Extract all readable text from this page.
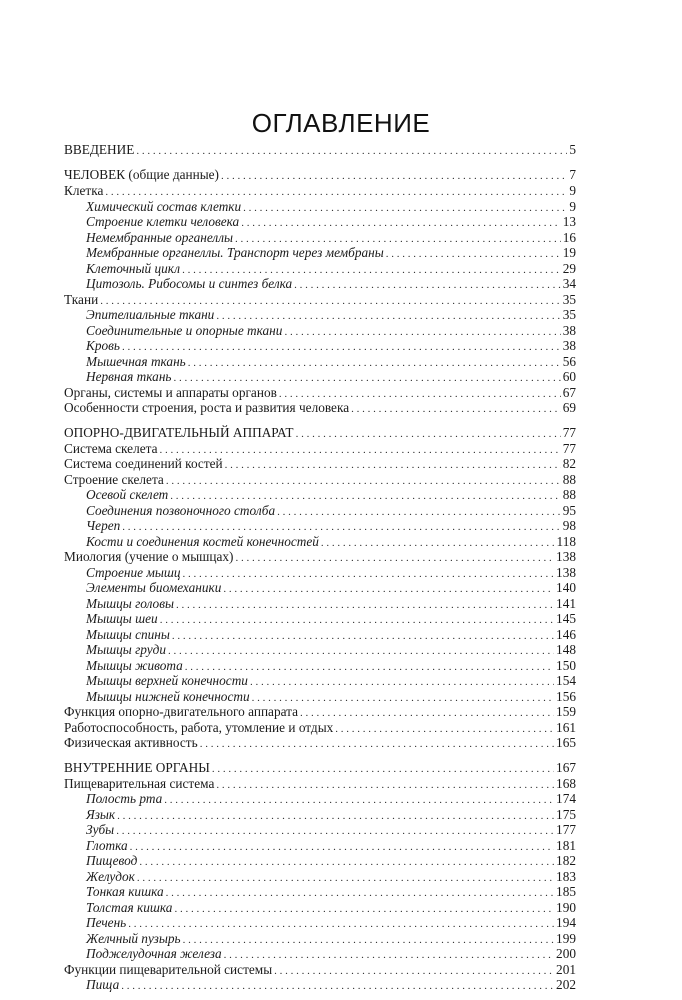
ОГЛАВЛЕНИЕ
ВВЕДЕНИЕ . . .	5
ЧЕЛОВЕК (общие данные) . . .	7
Клетка . . .	9
Химический состав клетки . . .	9
Строение клетки человека . . .	13
Немембранные органеллы . . .	16
Мембранные органеллы. Транспорт через мембраны . . .	19
Клеточный цикл . . .	29
Цитозоль. Рибосомы и синтез белка . . .	34
Ткани . . .	35
Эпителиальные ткани . . .	35
Соединительные и опорные ткани . . .	38
Кровь . . .	38
Мышечная ткань . . .	56
Нервная ткань . . .	60
Органы, системы и аппараты органов . . .	67
Особенности строения, роста и развития человека . . .	69
ОПОРНО-ДВИГАТЕЛЬНЫЙ АППАРАТ . . .	77
Система скелета . . .	77
Система соединений костей . . .	82
Строение скелета . . .	88
Осевой скелет . . .	88
Соединения позвоночного столба . . .	95
Череп . . .	98
Кости и соединения костей конечностей . . .	118
Миология (учение о мышцах) . . .	138
Строение мышц . . .	138
Элементы биомеханики . . .	140
Мышцы головы . . .	141
Мышцы шеи . . .	145
Мышцы спины . . .	146
Мышцы груди . . .	148
Мышцы живота . . .	150
Мышцы верхней конечности . . .	154
Мышцы нижней конечности . . .	156
Функция опорно-двигательного аппарата . . .	159
Работоспособность, работа, утомление и отдых . . .	161
Физическая активность . . .	165
ВНУТРЕННИЕ ОРГАНЫ . . .	167
Пищеварительная система . . .	168
Полость рта . . .	174
Язык . . .	175
Зубы . . .	177
Глотка . . .	181
Пищевод . . .	182
Желудок . . .	183
Тонкая кишка . . .	185
Толстая кишка . . .	190
Печень . . .	194
Желчный пузырь . . .	199
Поджелудочная железа . . .	200
Функции пищеварительной системы . . .	201
Пища . . .	202
